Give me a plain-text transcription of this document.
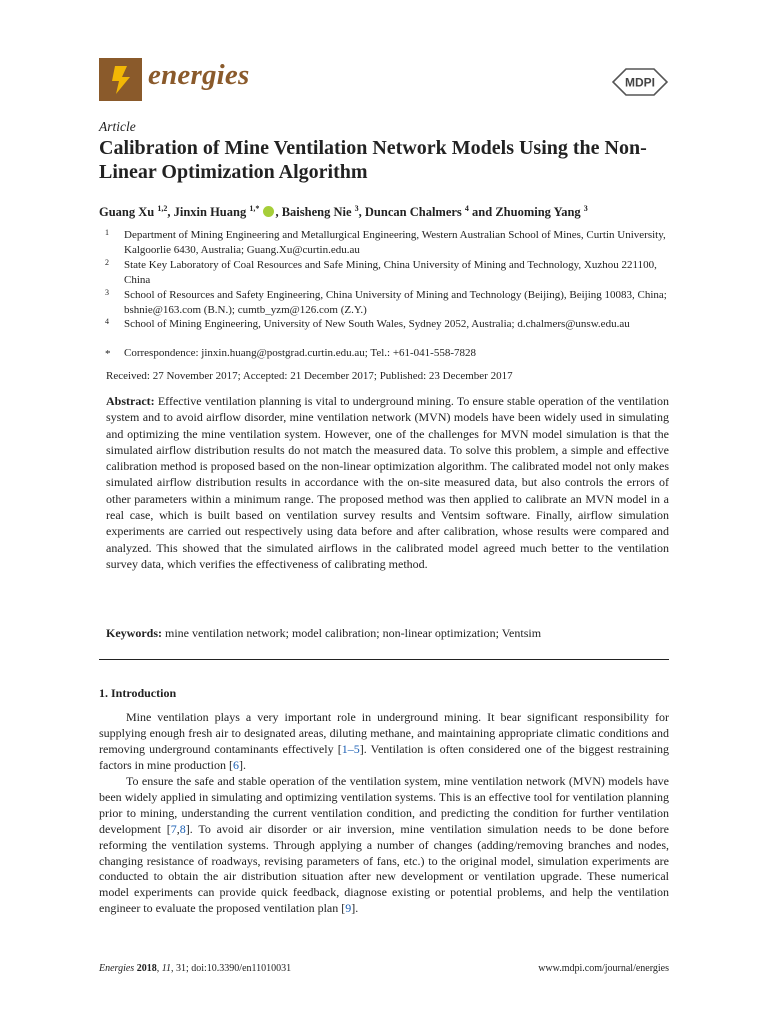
energies	MDPI
Article
Calibration of Mine Ventilation Network Models Using the Non-Linear Optimization Algorithm
Guang Xu $^{1,2}$, Jinxin Huang $^{1,*}$ , Baisheng Nie $^3$, Duncan Chalmers $^4$ and Zhuoming Yang $^3$
1 Department of Mining Engineering and Metallurgical Engineering, Western Australian School of Mines, Curtin University, Kalgoorlie 6430, Australia; Guang.Xu@curtin.edu.au
2 State Key Laboratory of Coal Resources and Safe Mining, China University of Mining and Technology, Xuzhou 221100, China
3 School of Resources and Safety Engineering, China University of Mining and Technology (Beijing), Beijing 10083, China; bshnie@163.com (B.N.); cumtb_yzm@126.com (Z.Y.)
4 School of Mining Engineering, University of New South Wales, Sydney 2052, Australia; d.chalmers@unsw.edu.au
* Correspondence: jinxin.huang@postgrad.curtin.edu.au; Tel.: +61-041-558-7828
Received: 27 November 2017; Accepted: 21 December 2017; Published: 23 December 2017
Abstract: Effective ventilation planning is vital to underground mining. To ensure stable operation of the ventilation system and to avoid airflow disorder, mine ventilation network (MVN) models have been widely used in simulating and optimizing the mine ventilation system. However, one of the challenges for MVN model simulation is that the simulated airflow distribution results do not match the measured data. To solve this problem, a simple and effective calibration method is proposed based on the non-linear optimization algorithm. The calibrated model not only makes simulated airflow distribution results in accordance with the on-site measured data, but also controls the errors of other parameters within a minimum range. The proposed method was then applied to calibrate an MVN model in a real case, which is built based on ventilation survey results and Ventsim software. Finally, airflow simulation experiments are carried out respectively using data before and after calibration, whose results were compared and analyzed. This showed that the simulated airflows in the calibrated model agreed much better to the ventilation survey data, which verifies the effectiveness of calibrating method.
Keywords: mine ventilation network; model calibration; non-linear optimization; Ventsim
1. Introduction
Mine ventilation plays a very important role in underground mining. It bear significant responsibility for supplying enough fresh air to designated areas, diluting methane, and maintaining appropriate climatic conditions and removing underground contaminants effectively [1–5]. Ventilation is often considered one of the biggest restraining factors in mine production [6].
To ensure the safe and stable operation of the ventilation system, mine ventilation network (MVN) models have been widely applied in simulating and optimizing ventilation systems. This is an effective tool for ventilation planning prior to mining, understanding the current ventilation condition, and predicting the condition for further ventilation development [7,8]. To avoid air disorder or air inversion, mine ventilation simulation needs to be done before reforming the ventilation systems. Through applying a number of changes (adding/removing branches and nodes, changing resistance of roadways, revising parameters of fans, etc.) to the original model, simulation experiments are conducted to obtain the air distribution situation after new development or ventilation upgrade. These numerical model experiments can provide quick feedback, diagnose existing or potential problems, and help the ventilation engineer to evaluate the proposed ventilation plan [9].
Energies 2018, 11, 31; doi:10.3390/en11010031	www.mdpi.com/journal/energies
